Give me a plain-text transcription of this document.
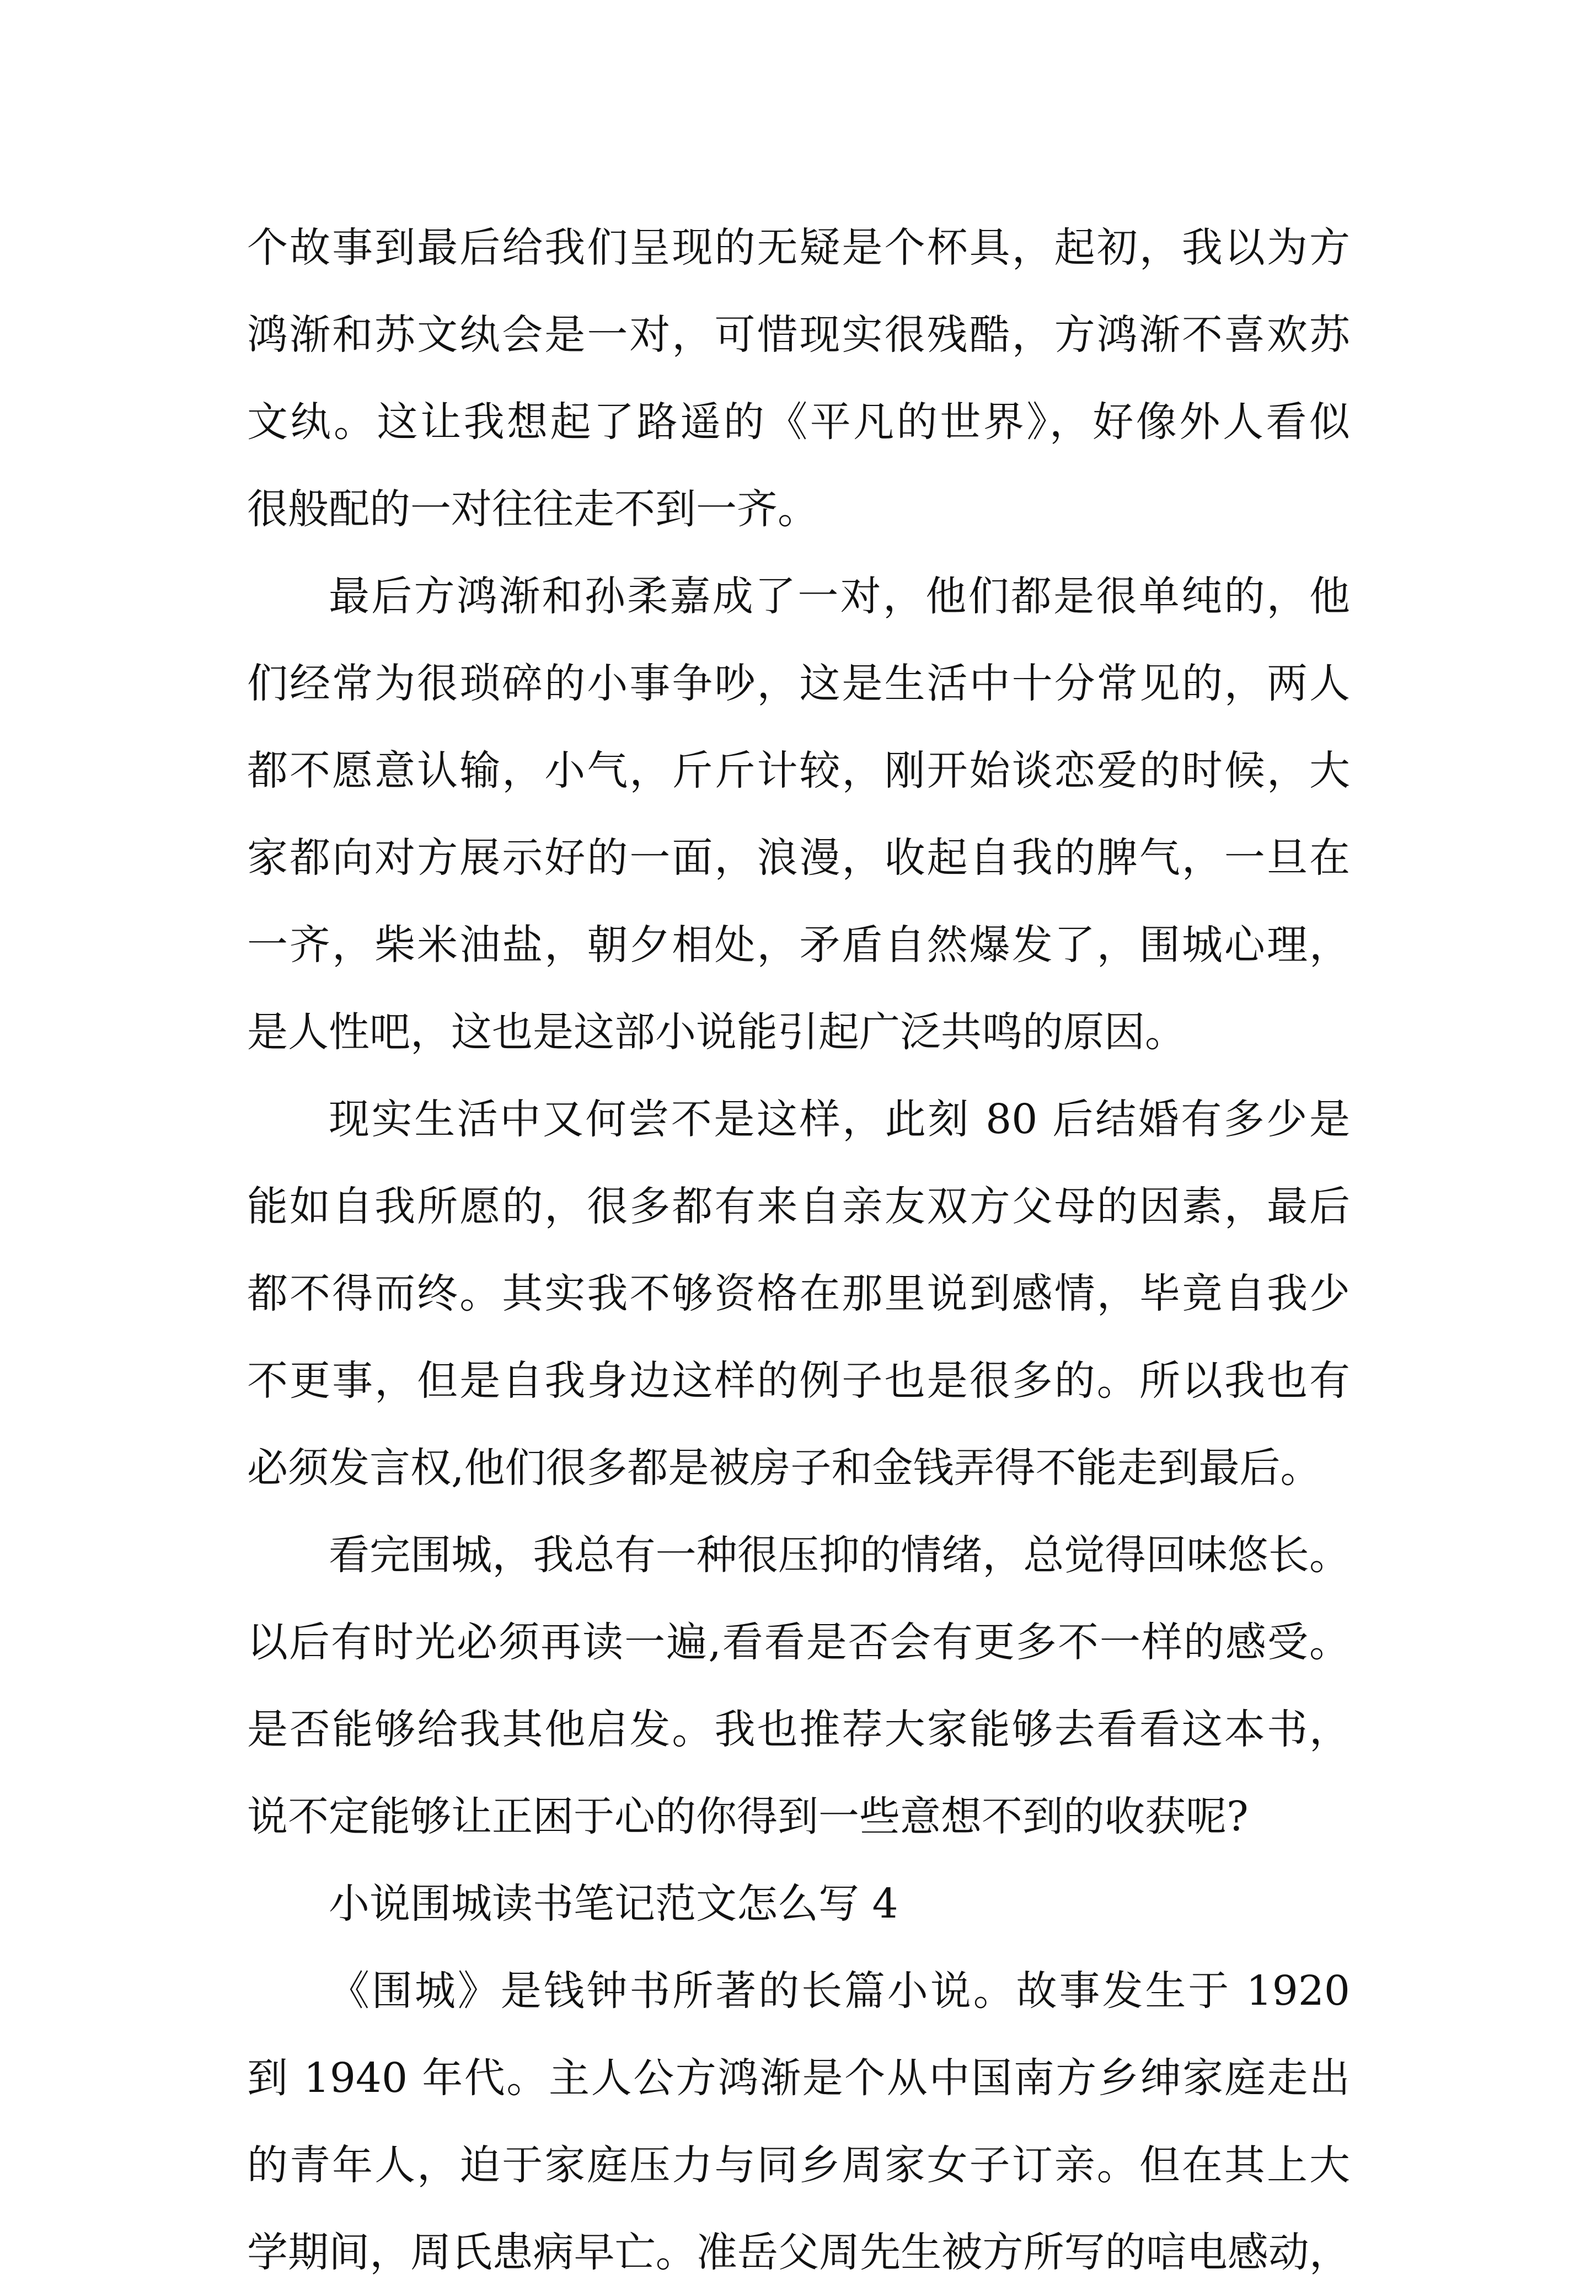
个故事到最后给我们呈现的无疑是个杯具，起初，我以为方
鸿渐和苏文纨会是一对，可惜现实很残酷，方鸿渐不喜欢苏
文纨。这让我想起了路遥的《平凡的世界》，好像外人看似
很般配的一对往往走不到一齐。
最后方鸿渐和孙柔嘉成了一对，他们都是很单纯的，他
们经常为很琐碎的小事争吵，这是生活中十分常见的，两人
都不愿意认输，小气，斤斤计较，刚开始谈恋爱的时候，大
家都向对方展示好的一面，浪漫，收起自我的脾气，一旦在
一齐，柴米油盐，朝夕相处，矛盾自然爆发了，围城心理，
是人性吧，这也是这部小说能引起广泛共鸣的原因。
现实生活中又何尝不是这样，此刻 80 后结婚有多少是
能如自我所愿的，很多都有来自亲友双方父母的因素，最后
都不得而终。其实我不够资格在那里说到感情，毕竟自我少
不更事，但是自我身边这样的例子也是很多的。所以我也有
必须发言权,他们很多都是被房子和金钱弄得不能走到最后。
看完围城，我总有一种很压抑的情绪，总觉得回味悠长。
以后有时光必须再读一遍,看看是否会有更多不一样的感受。
是否能够给我其他启发。我也推荐大家能够去看看这本书，
说不定能够让正困于心的你得到一些意想不到的收获呢?
小说围城读书笔记范文怎么写 4
《围城》是钱钟书所著的长篇小说。故事发生于 1920
到 1940 年代。主人公方鸿渐是个从中国南方乡绅家庭走出
的青年人，迫于家庭压力与同乡周家女子订亲。但在其上大
学期间，周氏患病早亡。准岳父周先生被方所写的唁电感动，
